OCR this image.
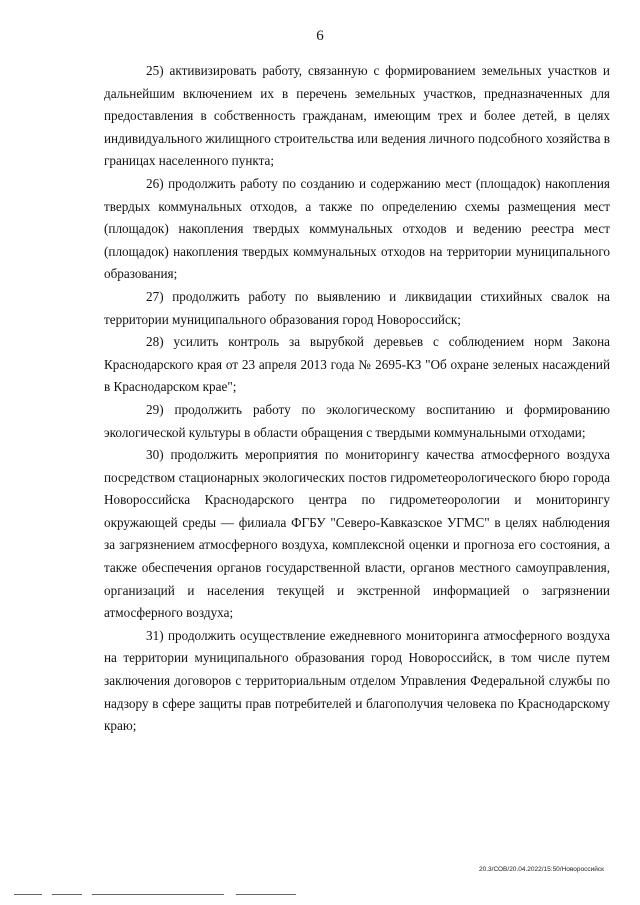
6

25) активизировать работу, связанную с формированием земельных участков и дальнейшим включением их в перечень земельных участков, предназначенных для предоставления в собственность гражданам, имеющим трех и более детей, в целях индивидуального жилищного строительства или ведения личного подсобного хозяйства в границах населенного пункта;

26) продолжить работу по созданию и содержанию мест (площадок) накопления твердых коммунальных отходов, а также по определению схемы размещения мест (площадок) накопления твердых коммунальных отходов и ведению реестра мест (площадок) накопления твердых коммунальных отходов на территории муниципального образования;

27) продолжить работу по выявлению и ликвидации стихийных свалок на территории муниципального образования город Новороссийск;

28) усилить контроль за вырубкой деревьев с соблюдением норм Закона Краснодарского края от 23 апреля 2013 года № 2695-КЗ "Об охране зеленых насаждений в Краснодарском крае";

29) продолжить работу по экологическому воспитанию и формированию экологической культуры в области обращения с твердыми коммунальными отходами;

30) продолжить мероприятия по мониторингу качества атмосферного воздуха посредством стационарных экологических постов гидрометеорологического бюро города Новороссийска Краснодарского центра по гидрометеорологии и мониторингу окружающей среды — филиала ФГБУ "Северо-Кавказское УГМС" в целях наблюдения за загрязнением атмосферного воздуха, комплексной оценки и прогноза его состояния, а также обеспечения органов государственной власти, органов местного самоуправления, организаций и населения текущей и экстренной информацией о загрязнении атмосферного воздуха;

31) продолжить осуществление ежедневного мониторинга атмосферного воздуха на территории муниципального образования город Новороссийск, в том числе путем заключения договоров с территориальным отделом Управления Федеральной службы по надзору в сфере защиты прав потребителей и благополучия человека по Краснодарскому краю;

20.3/СОВ/20.04.2022/15:50/Новороссийск
